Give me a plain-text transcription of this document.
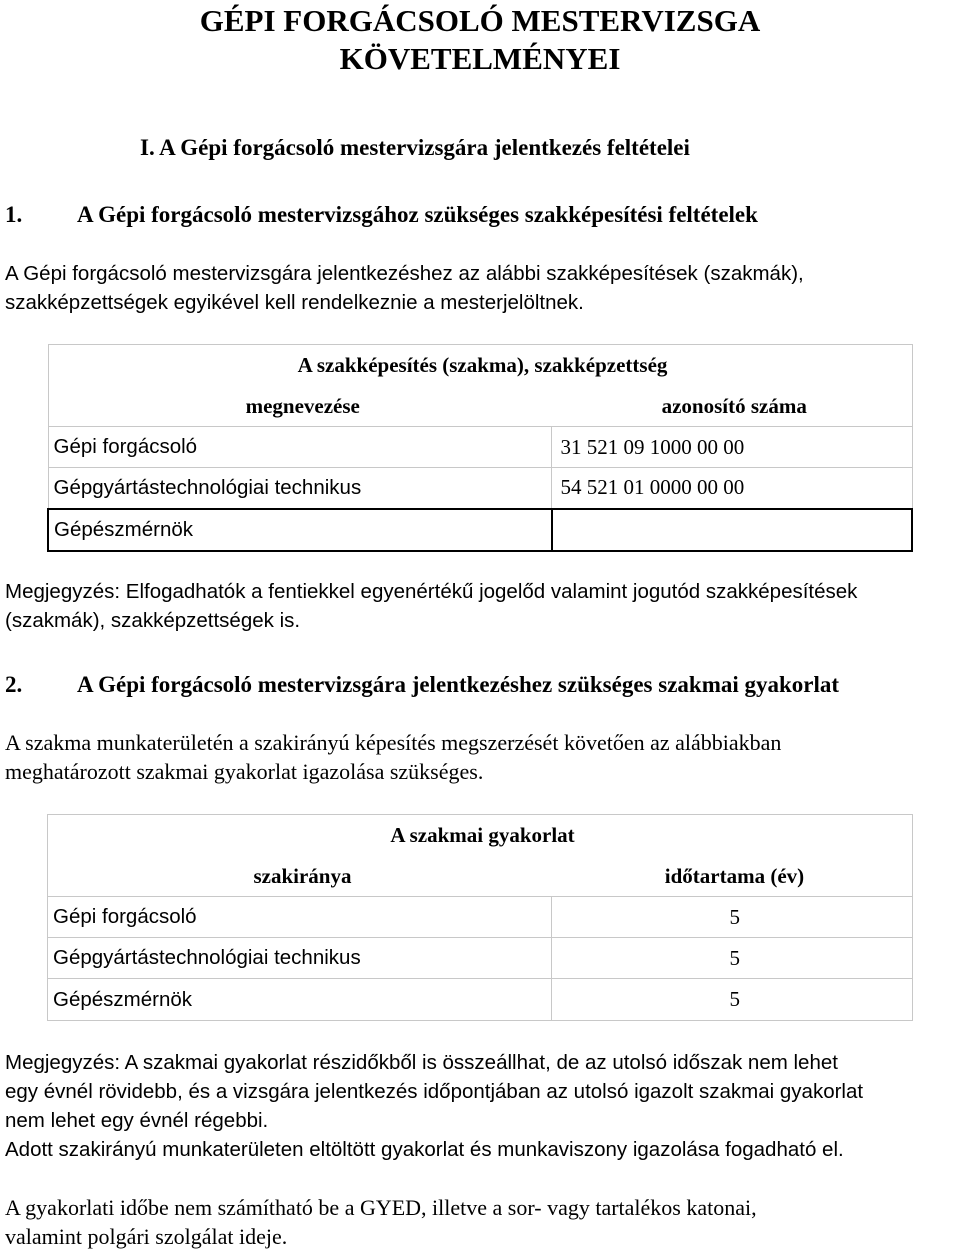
GÉPI FORGÁCSOLÓ MESTERVIZSGA
KÖVETELMÉNYEI
I. A Gépi forgácsoló mestervizsgára jelentkezés feltételei
1. A Gépi forgácsoló mestervizsgához szükséges szakképesítési feltételek

A Gépi forgácsoló mestervizsgára jelentkezéshez az alábbi szakképesítések (szakmák),
szakképzettségek egyikével kell rendelkeznie a mesterjelöltnek.

A szakképesítés (szakma), szakképzettség	
megnevezése	azonosító száma
Gépi forgácsoló	31 521 09 1000 00 00
Gépgyártástechnológiai technikus	54 521 01 0000 00 00
Gépészmérnök	

Megjegyzés: Elfogadhatók a fentiekkel egyenértékű jogelőd valamint jogutód szakképesítések
(szakmák), szakképzettségek is.

2. A Gépi forgácsoló mestervizsgára jelentkezéshez szükséges szakmai gyakorlat

A szakma munkaterületén a szakirányú képesítés megszerzését követően az alábbiakban
meghatározott szakmai gyakorlat igazolása szükséges.

A szakmai gyakorlat	
szakiránya	időtartama (év)
Gépi forgácsoló	5
Gépgyártástechnológiai technikus	5
Gépészmérnök	5

Megjegyzés: A szakmai gyakorlat részidőkből is összeállhat, de az utolsó időszak nem lehet
egy évnél rövidebb, és a vizsgára jelentkezés időpontjában az utolsó igazolt szakmai gyakorlat
nem lehet egy évnél régebbi.
Adott szakirányú munkaterületen eltöltött gyakorlat és munkaviszony igazolása fogadható el.

A gyakorlati időbe nem számítható be a GYED, illetve a sor- vagy tartalékos katonai,
valamint polgári szolgálat ideje.
